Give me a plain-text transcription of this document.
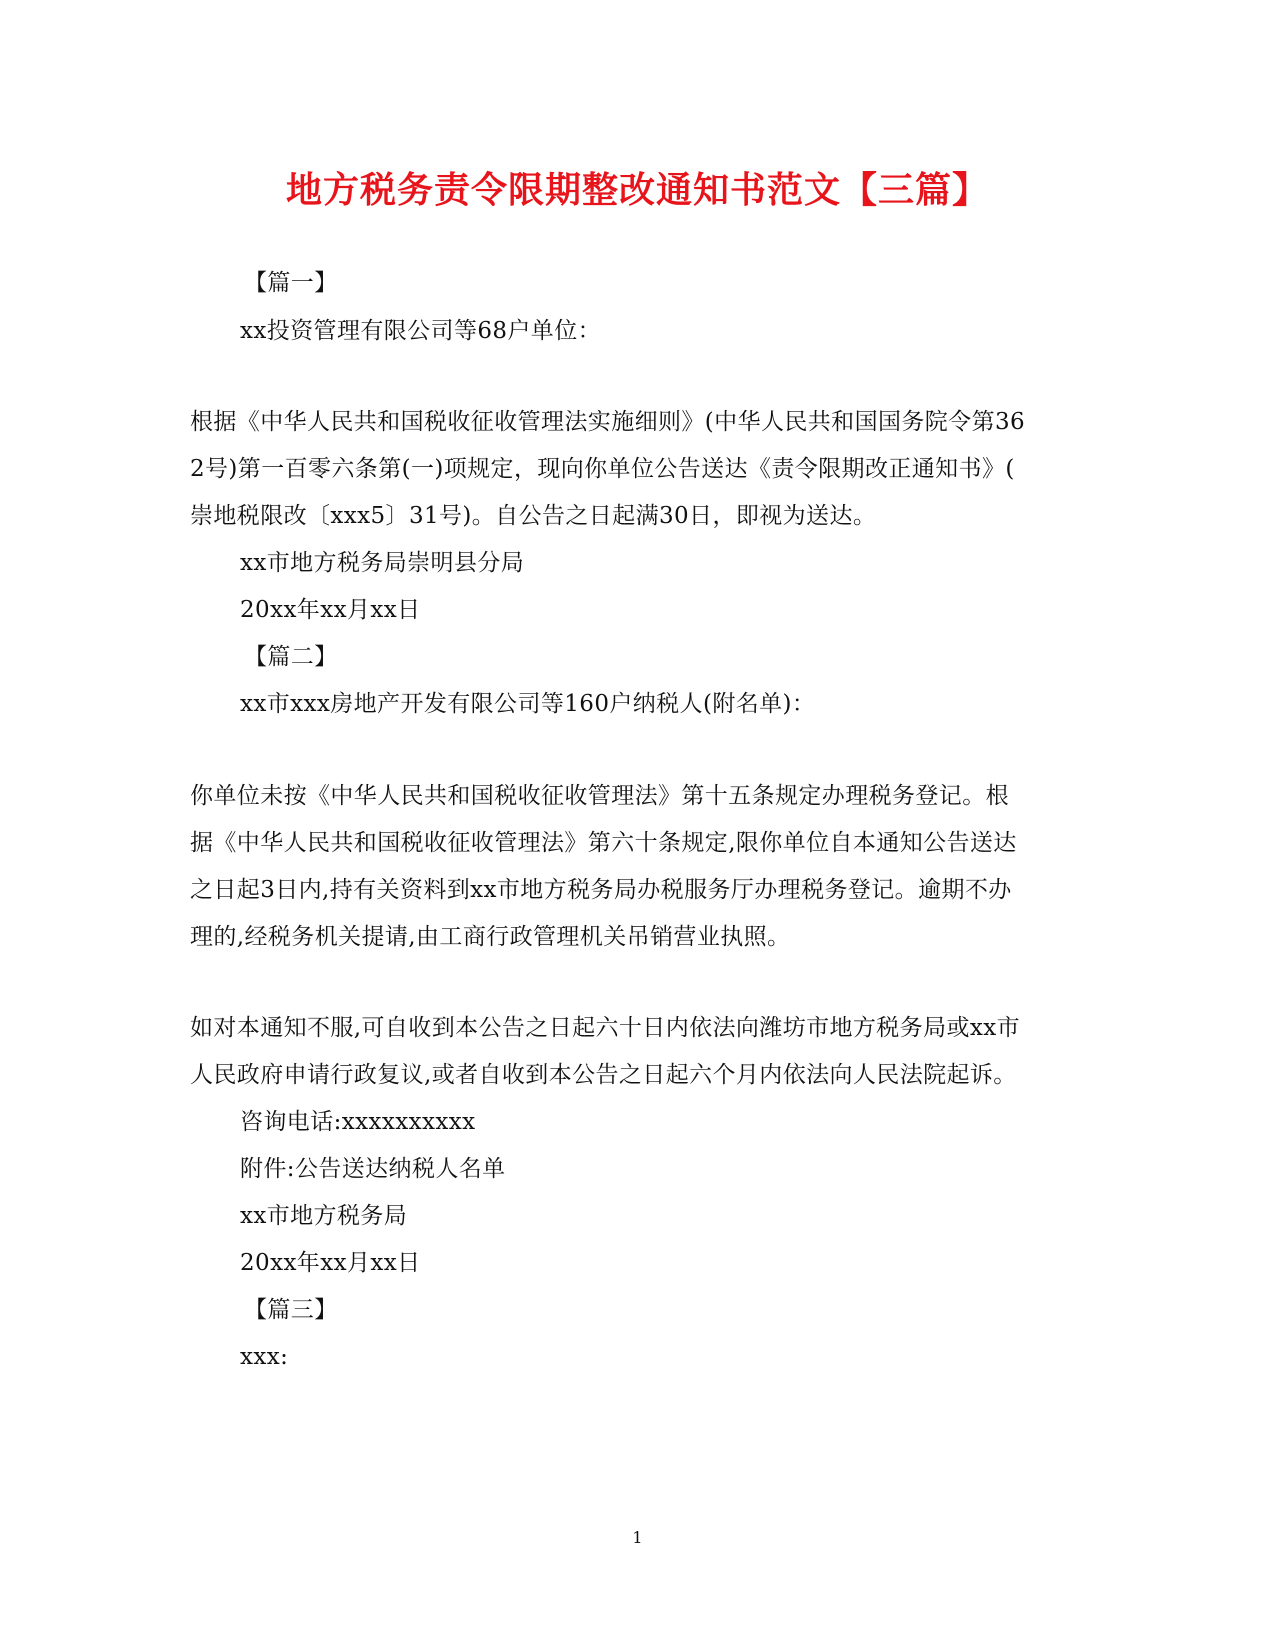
地方税务责令限期整改通知书范文【三篇】
【篇一】
xx投资管理有限公司等68户单位：
根据《中华人民共和国税收征收管理法实施细则》(中华人民共和国国务院令第36
2号)第一百零六条第(一)项规定，现向你单位公告送达《责令限期改正通知书》(
崇地税限改〔xxx5〕31号)。自公告之日起满30日，即视为送达。
xx市地方税务局崇明县分局
20xx年xx月xx日
【篇二】
xx市xxx房地产开发有限公司等160户纳税人(附名单)：
你单位未按《中华人民共和国税收征收管理法》第十五条规定办理税务登记。根
据《中华人民共和国税收征收管理法》第六十条规定,限你单位自本通知公告送达
之日起3日内,持有关资料到xx市地方税务局办税服务厅办理税务登记。逾期不办
理的,经税务机关提请,由工商行政管理机关吊销营业执照。
如对本通知不服,可自收到本公告之日起六十日内依法向潍坊市地方税务局或xx市
人民政府申请行政复议,或者自收到本公告之日起六个月内依法向人民法院起诉。
咨询电话:xxxxxxxxxx
附件:公告送达纳税人名单
xx市地方税务局
20xx年xx月xx日
【篇三】
xxx:
1
